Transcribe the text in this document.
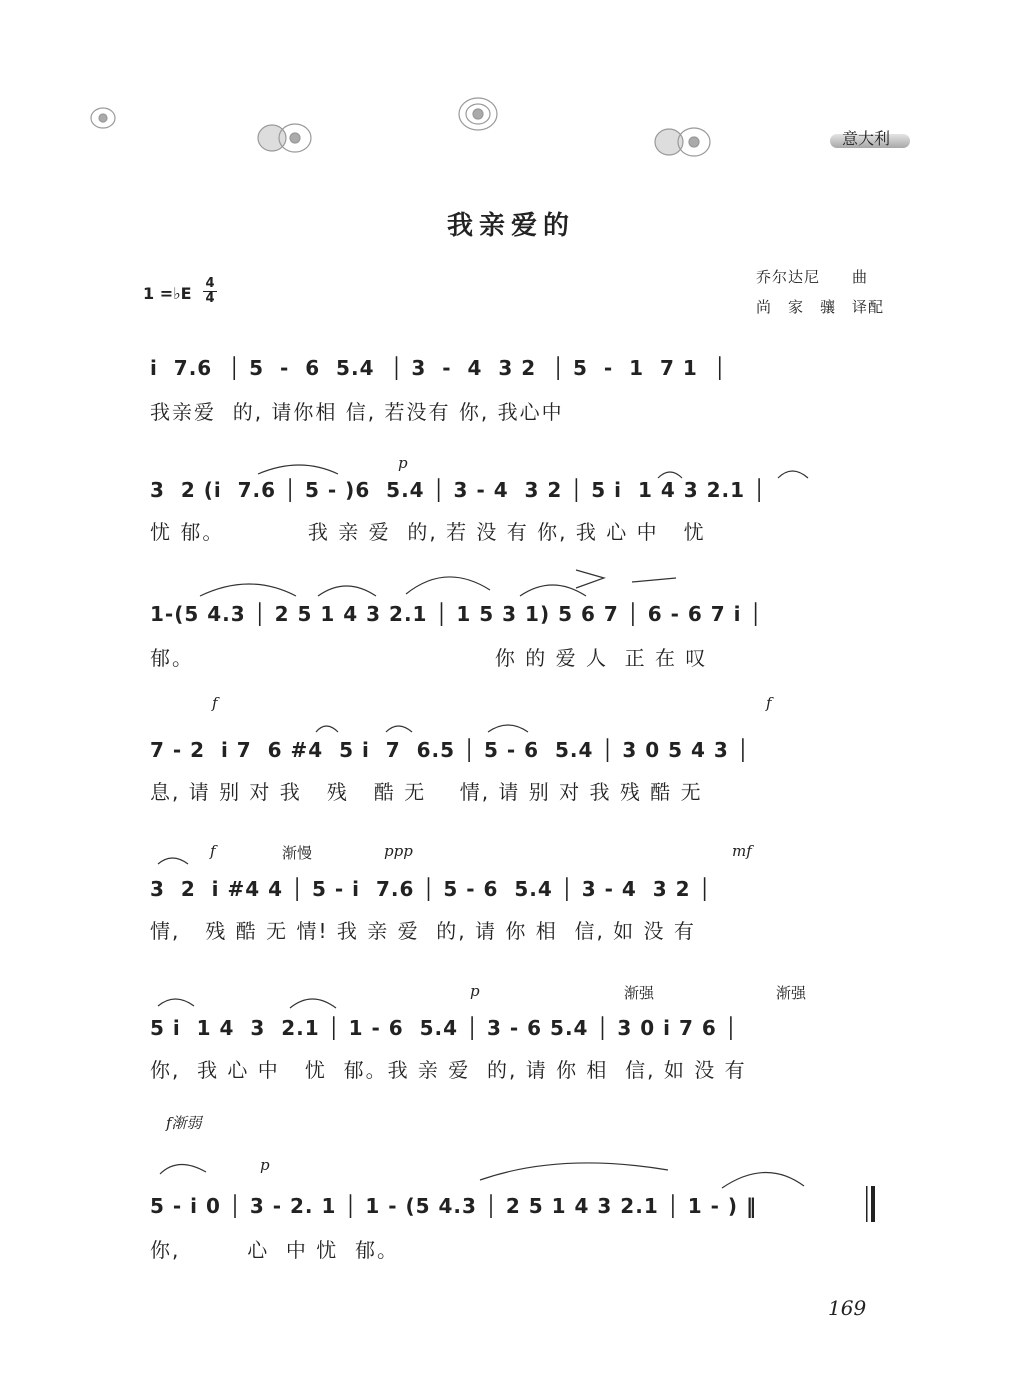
意大利
我亲爱的
1 =♭E
4
4
乔尔达尼　　曲
尚　家　骧　译配
i  7.6  │ 5  -  6  5.4  │ 3  -  4  3 2  │ 5  -  1  7 1  │
我亲爱  的, 请你相 信, 若没有 你, 我心中
p
3  2 (i  7.6 │ 5 - )6  5.4 │ 3 - 4  3 2 │ 5 i  1 4 3 2.1 │
忧 郁。          我 亲 爱  的, 若 没 有 你, 我 心 中   忧
1-(5 4.3 │ 2 5 1 4 3 2.1 │ 1 5 3 1) 5 6 7 │ 6 - 6 7 i │
郁。                                    你 的 爱 人  正 在 叹
f	f
7 - 2  i 7  6 #4  5 i  7  6.5 │ 5 - 6  5.4 │ 3 0 5 4 3 │
息, 请 别 对 我   残   酷 无    情, 请 别 对 我 残 酷 无
f	渐慢	ppp	mf
3  2  i #4 4 │ 5 - i  7.6 │ 5 - 6  5.4 │ 3 - 4  3 2 │
情,   残 酷 无 情! 我 亲 爱  的, 请 你 相  信, 如 没 有
p	渐强	渐强
5 i  1 4  3  2.1 │ 1 - 6  5.4 │ 3 - 6 5.4 │ 3 0 i 7 6 │
你,  我 心 中   忧  郁。我 亲 爱  的, 请 你 相  信, 如 没 有
f渐弱
p
5 - i 0 │ 3 - 2. 1 │ 1 - (5 4.3 │ 2 5 1 4 3 2.1 │ 1 - ) ‖
你,        心  中 忧  郁。
169
